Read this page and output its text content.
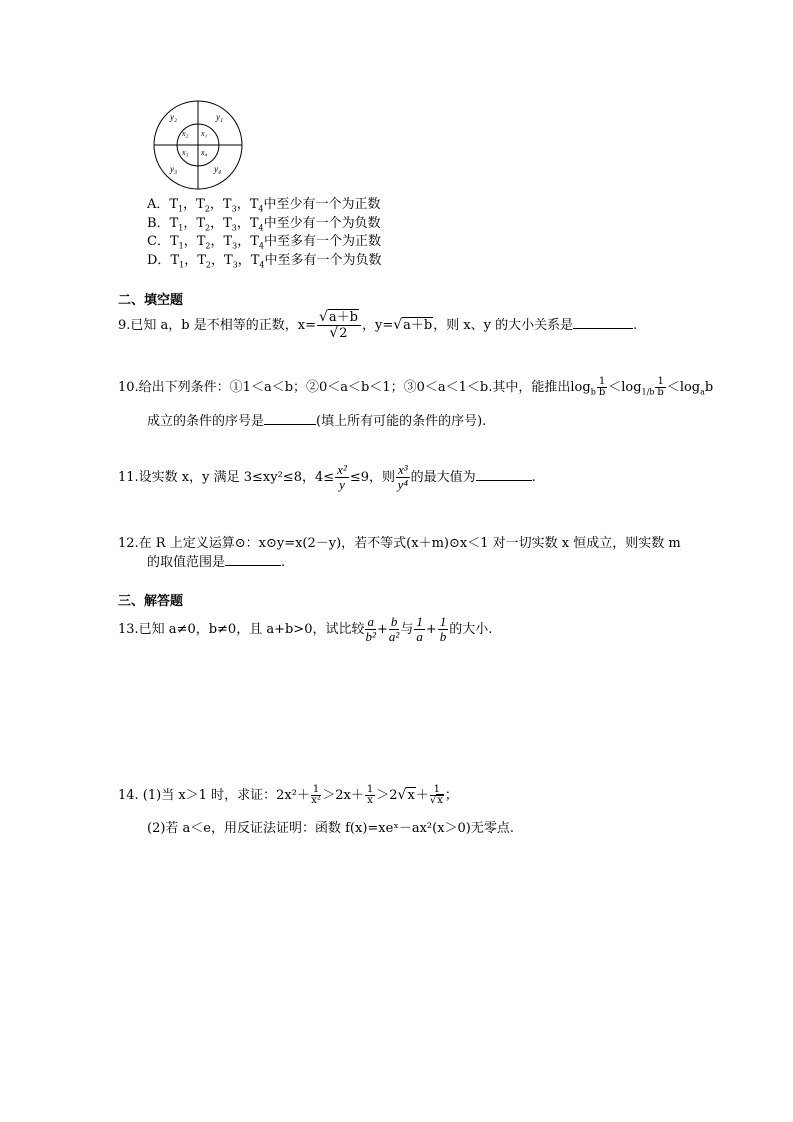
y₂	y₁
x₂ x₁
x₃ x₄
y₃	y₄
A．$T_1$，$T_2$，$T_3$，$T_4$中至少有一个为正数
B．$T_1$，$T_2$，$T_3$，$T_4$中至少有一个为负数
C．$T_1$，$T_2$，$T_3$，$T_4$中至多有一个为正数
D．$T_1$，$T_2$，$T_3$，$T_4$中至多有一个为负数
二、填空题
9.已知 a，b 是不相等的正数，$x= \frac{√a+b}{√2}$ ，y=√a＋b，则 x、y 的大小关系是	.
10.给出下列条件：①1＜a＜b；②0＜a＜b＜1；③0＜a＜1＜b.其中，能推出$\log_b \frac{1}{b} <\log_{1/b} \frac{1}{b} <\log_ab$
成立的条件的序号是	(填上所有可能的条件的序号).
11.设实数 x，y 满足 3≤xy²≤8，$4\le \frac{\text{x²}}{y} \le 9$，则 $\frac{\text{x³}}{\text{y⁴}}$ 的最大值为	.
12.在 R 上定义运算⊙：x⊙y=x(2－y)，若不等式(x＋m)⊙x＜1 对一切实数 x 恒成立，则实数 m
的取值范围是	.
三、解答题
13.已知 a≠0，b≠0，且 a+b>0，试比较 $\frac{a}{\text{b²}} + \frac{b}{\text{a²}}$ 与 $\frac{1}{a} + \frac{1}{b}$ 的大小.
14. (1)当 x＞1 时，求证：$2x^2+ \frac{1}{\text{x²}} >2x+ \frac{1}{x} >2√x+ \frac{1}{√x}$ ；
(2)若 a＜e，用反证法证明：函数 f(x)=xeˣ－ax²(x＞0)无零点.
